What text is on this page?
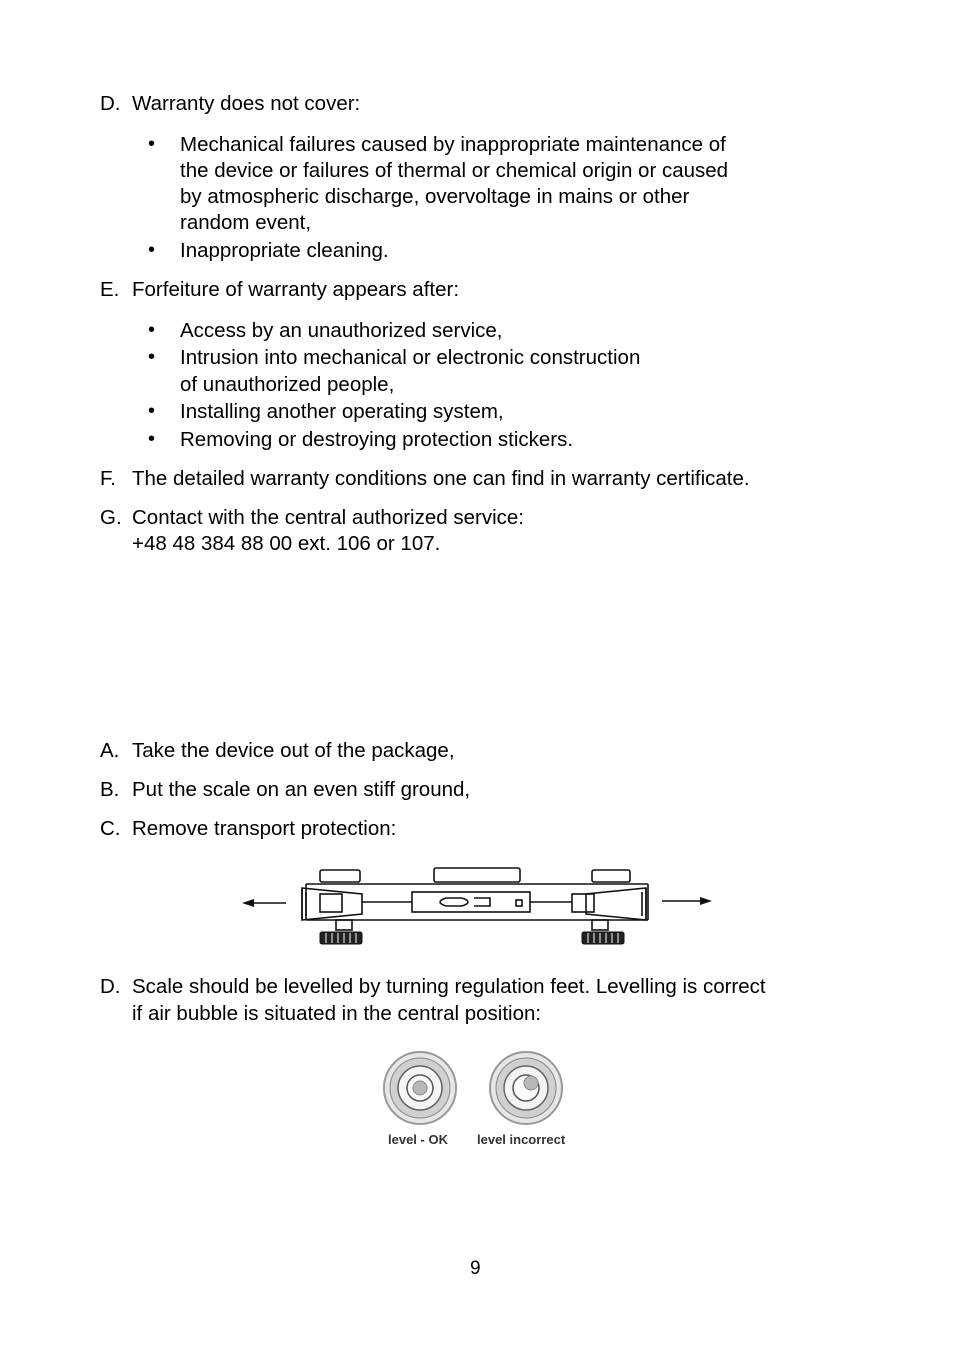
D. Warranty does not cover:
• Mechanical failures caused by inappropriate maintenance of
the device or failures of thermal or chemical origin or caused
by atmospheric discharge, overvoltage in mains or other
random event,
• Inappropriate cleaning.
E. Forfeiture of warranty appears after:
• Access by an unauthorized service,
• Intrusion into mechanical or electronic construction
of unauthorized people,
• Installing another operating system,
• Removing or destroying protection stickers.
F. The detailed warranty conditions one can find in warranty certificate.
G. Contact with the central authorized service:
+48 48 384 88 00 ext. 106 or 107.
A. Take the device out of the package,
B. Put the scale on an even stiff ground,
C. Remove transport protection:
D. Scale should be levelled by turning regulation feet. Levelling is correct
if air bubble is situated in the central position:
level - OK level incorrect
9
